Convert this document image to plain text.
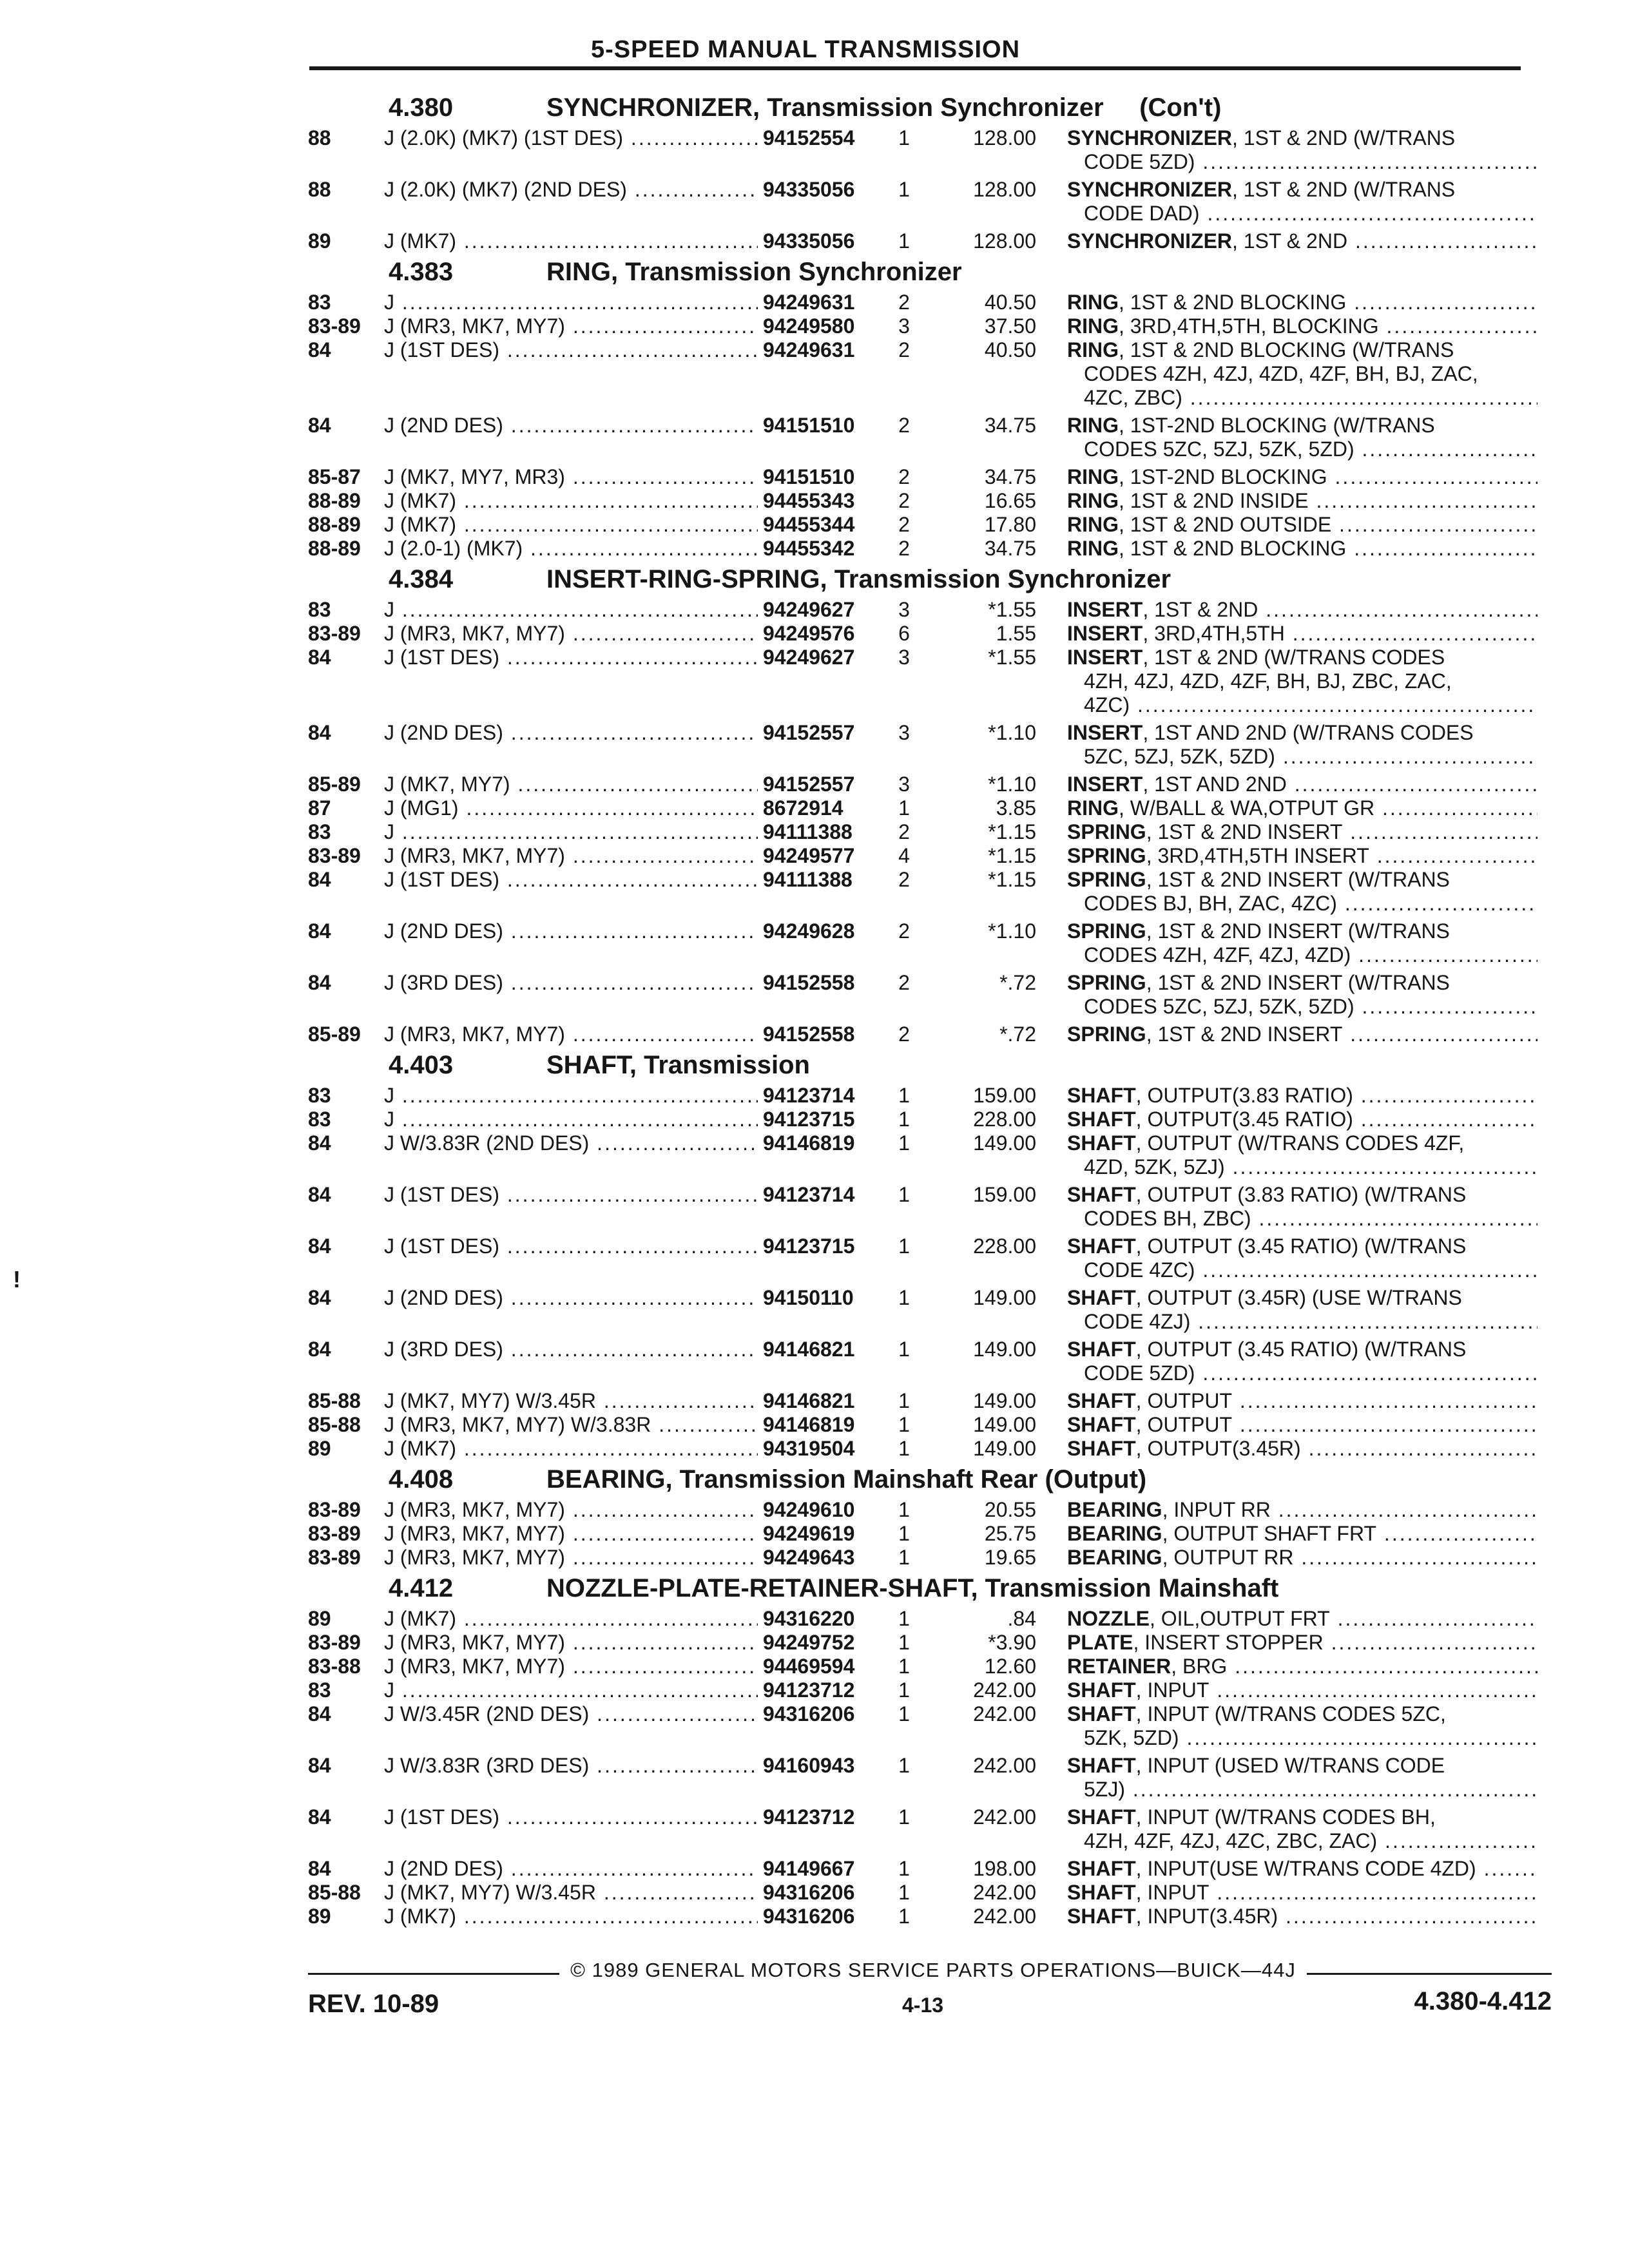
5-SPEED MANUAL TRANSMISSION
!
4.380	SYNCHRONIZER, Transmission Synchronizer     (Con't)
88	J (2.0K) (MK7) (1ST DES) .....	94152554	1	128.00 SYNCHRONIZER, 1ST & 2ND (W/TRANS
CODE 5ZD) .....
88	J (2.0K) (MK7) (2ND DES) .....	94335056	1	128.00 SYNCHRONIZER, 1ST & 2ND (W/TRANS
CODE DAD) .....
89	J (MK7) .....	94335056	1	128.00 SYNCHRONIZER, 1ST & 2ND .....
4.383	RING, Transmission Synchronizer
83	J .....	94249631	2	40.50 RING, 1ST & 2ND BLOCKING .....
83-89 J (MR3, MK7, MY7) .....	94249580	3	37.50 RING, 3RD,4TH,5TH, BLOCKING .....
84	J (1ST DES) .....	94249631	2	40.50 RING, 1ST & 2ND BLOCKING (W/TRANS
CODES 4ZH, 4ZJ, 4ZD, 4ZF, BH, BJ, ZAC,
4ZC, ZBC) .....
84	J (2ND DES) .....	94151510	2	34.75 RING, 1ST-2ND BLOCKING (W/TRANS
CODES 5ZC, 5ZJ, 5ZK, 5ZD) .....
85-87 J (MK7, MY7, MR3) .....	94151510	2	34.75 RING, 1ST-2ND BLOCKING .....
88-89 J (MK7) .....	94455343	2	16.65 RING, 1ST & 2ND INSIDE .....
88-89 J (MK7) .....	94455344	2	17.80 RING, 1ST & 2ND OUTSIDE .....
88-89 J (2.0-1) (MK7) .....	94455342	2	34.75 RING, 1ST & 2ND BLOCKING .....
4.384	INSERT-RING-SPRING, Transmission Synchronizer
83	J .....	94249627	3	*1.55 INSERT, 1ST & 2ND .....
83-89 J (MR3, MK7, MY7) .....	94249576	6	1.55 INSERT, 3RD,4TH,5TH .....
84	J (1ST DES) .....	94249627	3	*1.55 INSERT, 1ST & 2ND (W/TRANS CODES
4ZH, 4ZJ, 4ZD, 4ZF, BH, BJ, ZBC, ZAC,
4ZC) .....
84	J (2ND DES) .....	94152557	3	*1.10 INSERT, 1ST AND 2ND (W/TRANS CODES
5ZC, 5ZJ, 5ZK, 5ZD) .....
85-89 J (MK7, MY7) .....	94152557	3	*1.10 INSERT, 1ST AND 2ND .....
87	J (MG1) .....	8672914	1	3.85 RING, W/BALL & WA,OTPUT GR .....
83	J .....	94111388	2	*1.15 SPRING, 1ST & 2ND INSERT .....
83-89 J (MR3, MK7, MY7) .....	94249577	4	*1.15 SPRING, 3RD,4TH,5TH INSERT .....
84	J (1ST DES) .....	94111388	2	*1.15 SPRING, 1ST & 2ND INSERT (W/TRANS
CODES BJ, BH, ZAC, 4ZC) .....
84	J (2ND DES) .....	94249628	2	*1.10 SPRING, 1ST & 2ND INSERT (W/TRANS
CODES 4ZH, 4ZF, 4ZJ, 4ZD) .....
84	J (3RD DES) .....	94152558	2	*.72 SPRING, 1ST & 2ND INSERT (W/TRANS
CODES 5ZC, 5ZJ, 5ZK, 5ZD) .....
85-89 J (MR3, MK7, MY7) .....	94152558	2	*.72 SPRING, 1ST & 2ND INSERT .....
4.403	SHAFT, Transmission
83	J .....	94123714	1	159.00 SHAFT, OUTPUT(3.83 RATIO) .....
83	J .....	94123715	1	228.00 SHAFT, OUTPUT(3.45 RATIO) .....
84	J W/3.83R (2ND DES) .....	94146819	1	149.00 SHAFT, OUTPUT (W/TRANS CODES 4ZF,
4ZD, 5ZK, 5ZJ) .....
84	J (1ST DES) .....	94123714	1	159.00 SHAFT, OUTPUT (3.83 RATIO) (W/TRANS
CODES BH, ZBC) .....
84	J (1ST DES) .....	94123715	1	228.00 SHAFT, OUTPUT (3.45 RATIO) (W/TRANS
CODE 4ZC) .....
84	J (2ND DES) .....	94150110	1	149.00 SHAFT, OUTPUT (3.45R) (USE W/TRANS
CODE 4ZJ) .....
84	J (3RD DES) .....	94146821	1	149.00 SHAFT, OUTPUT (3.45 RATIO) (W/TRANS
CODE 5ZD) .....
85-88 J (MK7, MY7) W/3.45R .....	94146821	1	149.00 SHAFT, OUTPUT .....
85-88 J (MR3, MK7, MY7) W/3.83R .....	94146819	1	149.00 SHAFT, OUTPUT .....
89	J (MK7) .....	94319504	1	149.00 SHAFT, OUTPUT(3.45R) .....
4.408	BEARING, Transmission Mainshaft Rear (Output)
83-89 J (MR3, MK7, MY7) .....	94249610	1	20.55 BEARING, INPUT RR .....
83-89 J (MR3, MK7, MY7) .....	94249619	1	25.75 BEARING, OUTPUT SHAFT FRT .....
83-89 J (MR3, MK7, MY7) .....	94249643	1	19.65 BEARING, OUTPUT RR .....
4.412	NOZZLE-PLATE-RETAINER-SHAFT, Transmission Mainshaft
89	J (MK7) .....	94316220	1	.84 NOZZLE, OIL,OUTPUT FRT .....
83-89 J (MR3, MK7, MY7) .....	94249752	1	*3.90 PLATE, INSERT STOPPER .....
83-88 J (MR3, MK7, MY7) .....	94469594	1	12.60 RETAINER, BRG .....
83	J .....	94123712	1	242.00 SHAFT, INPUT .....
84	J W/3.45R (2ND DES) .....	94316206	1	242.00 SHAFT, INPUT (W/TRANS CODES 5ZC,
5ZK, 5ZD) .....
84	J W/3.83R (3RD DES) .....	94160943	1	242.00 SHAFT, INPUT (USED W/TRANS CODE
5ZJ) .....
84	J (1ST DES) .....	94123712	1	242.00 SHAFT, INPUT (W/TRANS CODES BH,
4ZH, 4ZF, 4ZJ, 4ZC, ZBC, ZAC) .....
84	J (2ND DES) .....	94149667	1	198.00 SHAFT, INPUT(USE W/TRANS CODE 4ZD) .....
85-88 J (MK7, MY7) W/3.45R .....	94316206	1	242.00 SHAFT, INPUT .....
89	J (MK7) .....	94316206	1	242.00 SHAFT, INPUT(3.45R) .....
© 1989 GENERAL MOTORS SERVICE PARTS OPERATIONS—BUICK—44J
REV. 10-89	4-13	4.380-4.412
